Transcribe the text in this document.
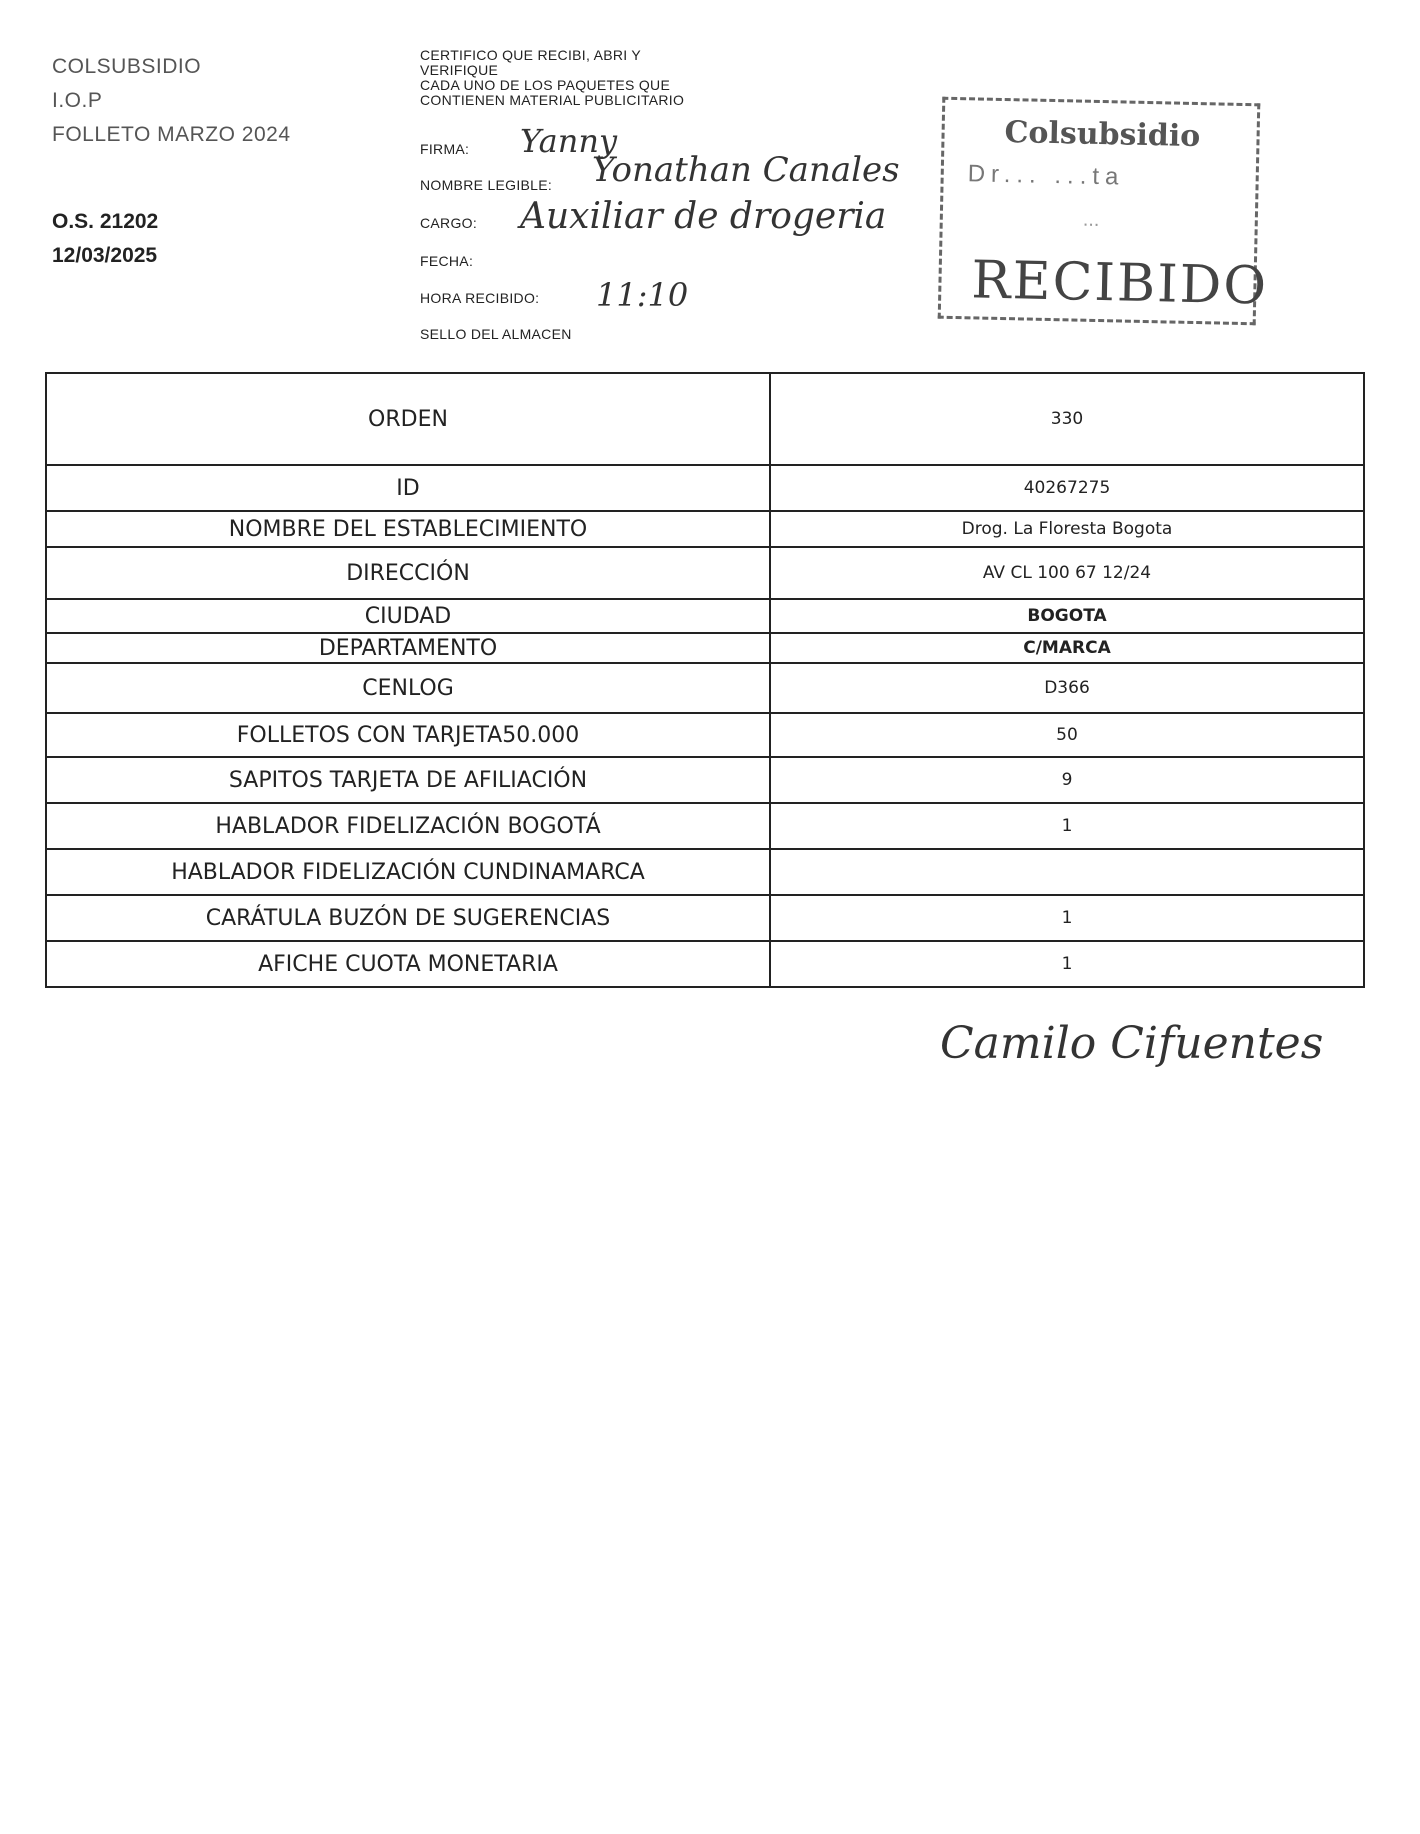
COLSUBSIDIO
I.O.P
FOLLETO MARZO 2024
O.S. 21202
12/03/2025
CERTIFICO QUE RECIBI, ABRI Y
VERIFIQUE
CADA UNO DE LOS PAQUETES QUE
CONTIENEN MATERIAL PUBLICITARIO
FIRMA: Yanny
NOMBRE LEGIBLE: Yonathan Canales
CARGO: Auxiliar de drogeria
FECHA:
HORA RECIBIDO: 11:10
SELLO DEL ALMACEN
Colsubsidio
Dr... ...ta
...
RECIBIDO
ORDEN	330
ID	40267275
NOMBRE DEL ESTABLECIMIENTO	Drog. La Floresta Bogota
DIRECCIÓN	AV CL 100 67 12/24
CIUDAD	BOGOTA
DEPARTAMENTO	C/MARCA
CENLOG	D366
FOLLETOS CON TARJETA50.000	50
SAPITOS TARJETA DE AFILIACIÓN	9
HABLADOR FIDELIZACIÓN BOGOTÁ	1
HABLADOR FIDELIZACIÓN CUNDINAMARCA	
CARÁTULA BUZÓN DE SUGERENCIAS	1
AFICHE CUOTA MONETARIA	1
Camilo Cifuentes
